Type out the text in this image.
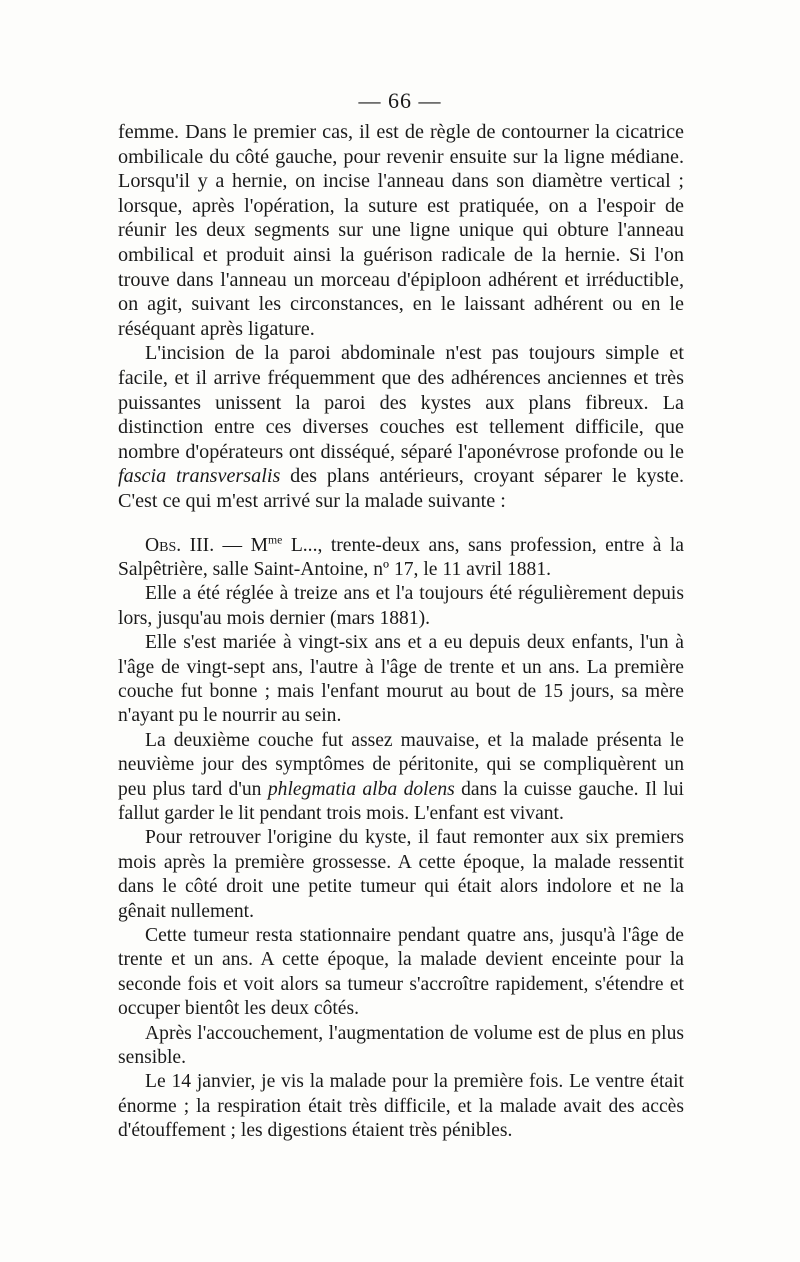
— 66 —

femme. Dans le premier cas, il est de règle de contourner la cicatrice ombilicale du côté gauche, pour revenir ensuite sur la ligne médiane. Lorsqu'il y a hernie, on incise l'anneau dans son diamètre vertical ; lorsque, après l'opération, la suture est pratiquée, on a l'espoir de réunir les deux segments sur une ligne unique qui obture l'anneau ombilical et produit ainsi la guérison radicale de la hernie. Si l'on trouve dans l'anneau un morceau d'épiploon adhérent et irréductible, on agit, suivant les circonstances, en le laissant adhérent ou en le réséquant après ligature.

L'incision de la paroi abdominale n'est pas toujours simple et facile, et il arrive fréquemment que des adhérences anciennes et très puissantes unissent la paroi des kystes aux plans fibreux. La distinction entre ces diverses couches est tellement difficile, que nombre d'opérateurs ont disséqué, séparé l'aponévrose profonde ou le fascia transversalis des plans antérieurs, croyant séparer le kyste. C'est ce qui m'est arrivé sur la malade suivante :

Obs. III. — $M^{me}$ L..., trente-deux ans, sans profession, entre à la Salpêtrière, salle Saint-Antoine, nº 17, le 11 avril 1881.

Elle a été réglée à treize ans et l'a toujours été régulièrement depuis lors, jusqu'au mois dernier (mars 1881).

Elle s'est mariée à vingt-six ans et a eu depuis deux enfants, l'un à l'âge de vingt-sept ans, l'autre à l'âge de trente et un ans. La première couche fut bonne ; mais l'enfant mourut au bout de 15 jours, sa mère n'ayant pu le nourrir au sein.

La deuxième couche fut assez mauvaise, et la malade présenta le neuvième jour des symptômes de péritonite, qui se compliquèrent un peu plus tard d'un phlegmatia alba dolens dans la cuisse gauche. Il lui fallut garder le lit pendant trois mois. L'enfant est vivant.

Pour retrouver l'origine du kyste, il faut remonter aux six premiers mois après la première grossesse. A cette époque, la malade ressentit dans le côté droit une petite tumeur qui était alors indolore et ne la gênait nullement.

Cette tumeur resta stationnaire pendant quatre ans, jusqu'à l'âge de trente et un ans. A cette époque, la malade devient enceinte pour la seconde fois et voit alors sa tumeur s'accroître rapidement, s'étendre et occuper bientôt les deux côtés.

Après l'accouchement, l'augmentation de volume est de plus en plus sensible.

Le 14 janvier, je vis la malade pour la première fois. Le ventre était énorme ; la respiration était très difficile, et la malade avait des accès d'étouffement ; les digestions étaient très pénibles.
